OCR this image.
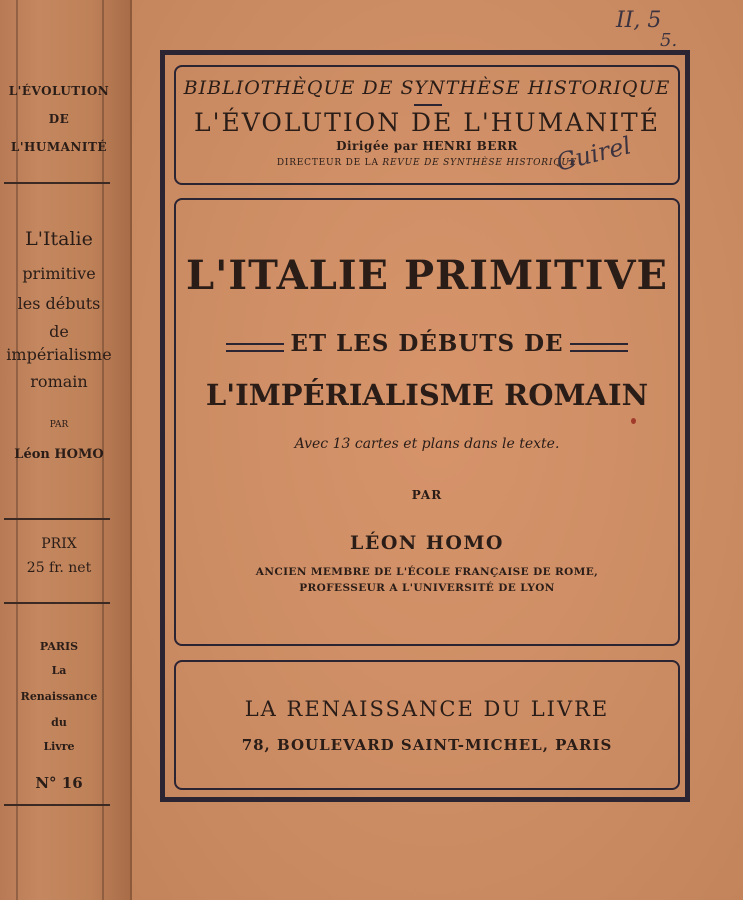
L'ÉVOLUTION
DE
L'HUMANITÉ
L'Italie
primitive
les débuts
de
impérialisme
romain
PAR
Léon HOMO
PRIX
25 fr. net
PARIS
La
Renaissance
du
Livre
N° 16
II, 5
5.
BIBLIOTHÈQUE DE SYNTHÈSE HISTORIQUE
L'ÉVOLUTION DE L'HUMANITÉ
Dirigée par HENRI BERR
DIRECTEUR DE LA REVUE DE SYNTHÈSE HISTORIQUE
Guirel
L'ITALIE PRIMITIVE
ET LES DÉBUTS DE
L'IMPÉRIALISME ROMAIN
Avec 13 cartes et plans dans le texte.
PAR
LÉON HOMO
ANCIEN MEMBRE DE L'ÉCOLE FRANÇAISE DE ROME,
PROFESSEUR A L'UNIVERSITÉ DE LYON
LA RENAISSANCE DU LIVRE
78, BOULEVARD SAINT-MICHEL, PARIS
